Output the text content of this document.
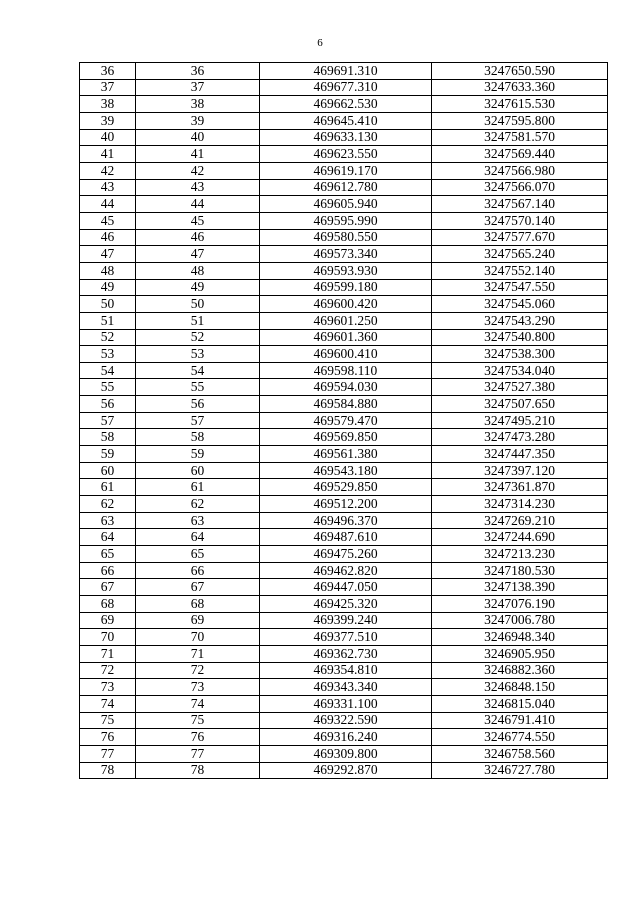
6
36	36	469691.310	3247650.590
37	37	469677.310	3247633.360
38	38	469662.530	3247615.530
39	39	469645.410	3247595.800
40	40	469633.130	3247581.570
41	41	469623.550	3247569.440
42	42	469619.170	3247566.980
43	43	469612.780	3247566.070
44	44	469605.940	3247567.140
45	45	469595.990	3247570.140
46	46	469580.550	3247577.670
47	47	469573.340	3247565.240
48	48	469593.930	3247552.140
49	49	469599.180	3247547.550
50	50	469600.420	3247545.060
51	51	469601.250	3247543.290
52	52	469601.360	3247540.800
53	53	469600.410	3247538.300
54	54	469598.110	3247534.040
55	55	469594.030	3247527.380
56	56	469584.880	3247507.650
57	57	469579.470	3247495.210
58	58	469569.850	3247473.280
59	59	469561.380	3247447.350
60	60	469543.180	3247397.120
61	61	469529.850	3247361.870
62	62	469512.200	3247314.230
63	63	469496.370	3247269.210
64	64	469487.610	3247244.690
65	65	469475.260	3247213.230
66	66	469462.820	3247180.530
67	67	469447.050	3247138.390
68	68	469425.320	3247076.190
69	69	469399.240	3247006.780
70	70	469377.510	3246948.340
71	71	469362.730	3246905.950
72	72	469354.810	3246882.360
73	73	469343.340	3246848.150
74	74	469331.100	3246815.040
75	75	469322.590	3246791.410
76	76	469316.240	3246774.550
77	77	469309.800	3246758.560
78	78	469292.870	3246727.780
